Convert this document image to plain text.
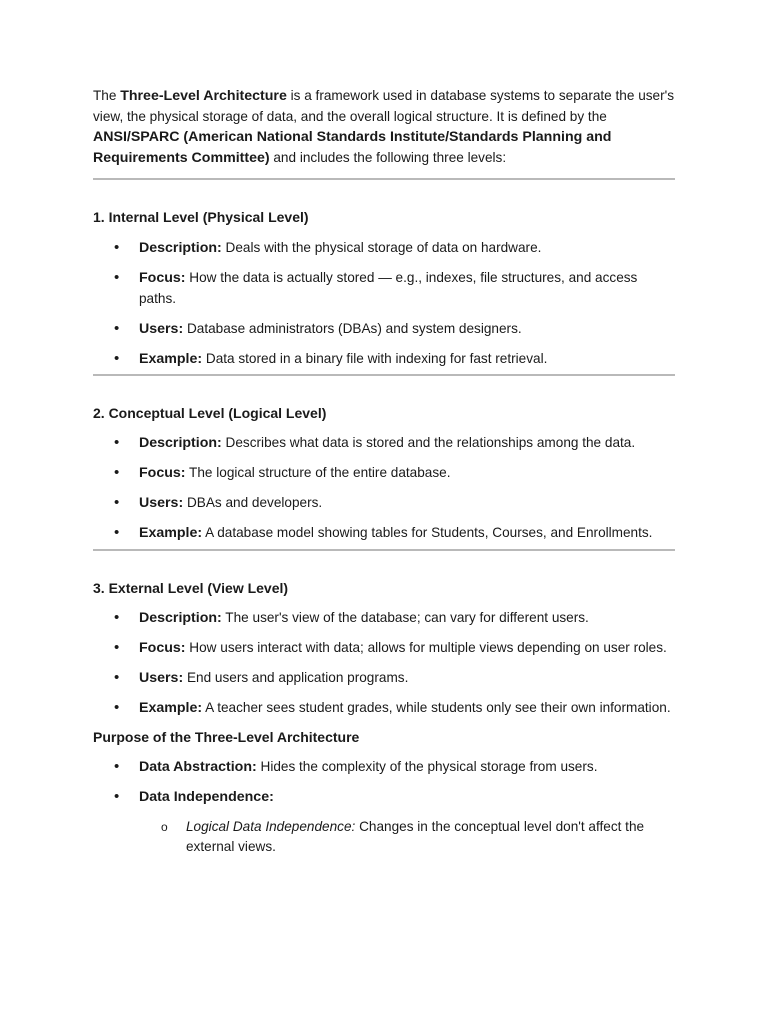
The Three-Level Architecture is a framework used in database systems to separate the user's view, the physical storage of data, and the overall logical structure. It is defined by the ANSI/SPARC (American National Standards Institute/Standards Planning and Requirements Committee) and includes the following three levels:

1. Internal Level (Physical Level)

• Description: Deals with the physical storage of data on hardware.
• Focus: How the data is actually stored — e.g., indexes, file structures, and access paths.
• Users: Database administrators (DBAs) and system designers.
• Example: Data stored in a binary file with indexing for fast retrieval.

2. Conceptual Level (Logical Level)

• Description: Describes what data is stored and the relationships among the data.
• Focus: The logical structure of the entire database.
• Users: DBAs and developers.
• Example: A database model showing tables for Students, Courses, and Enrollments.

3. External Level (View Level)

• Description: The user's view of the database; can vary for different users.
• Focus: How users interact with data; allows for multiple views depending on user roles.
• Users: End users and application programs.
• Example: A teacher sees student grades, while students only see their own information.

Purpose of the Three-Level Architecture

• Data Abstraction: Hides the complexity of the physical storage from users.
• Data Independence:
o Logical Data Independence: Changes in the conceptual level don't affect the external views.
